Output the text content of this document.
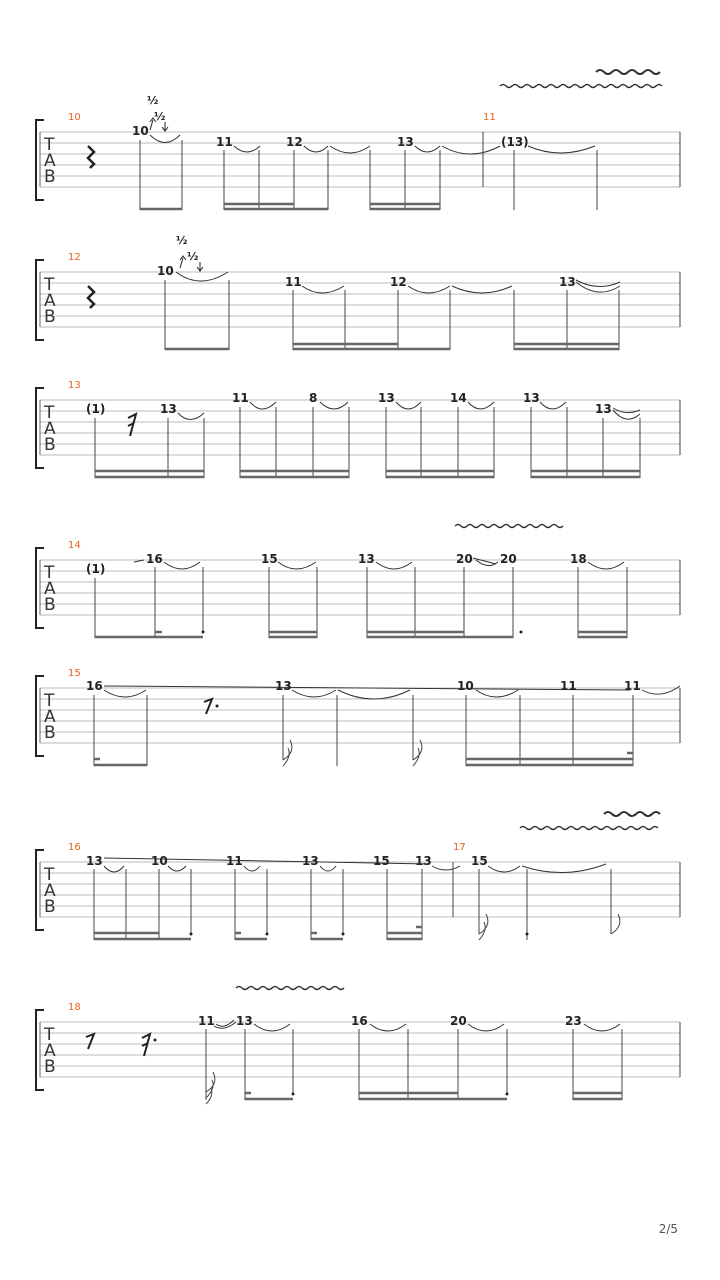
T
A
B
10	11
½
½
10
11	12	13	(13)
T
A
B
12
½
½
10
11	12	13
T
A
B
13
(1)	13
11	8	13	14	13
13
T
A
B
14
(1)
16	15	13	20 20	18
T
A
B
15
16	13	10	11	11
T
A
B
16	17
13	10	11	13	15 13	15
T
A
B
18
11 13	16	20	23
2/5
